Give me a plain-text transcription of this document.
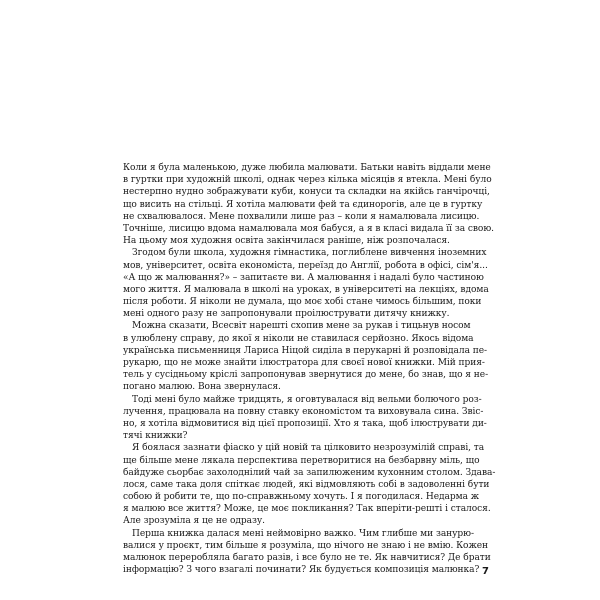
Коли я була маленькою, дуже любила малювати. Батьки навіть віддали мене
в гуртки при художній школі, однак через кілька місяців я втекла. Мені було
нестерпно нудно зображувати куби, конуси та складки на якійсь ганчірочці,
що висить на стільці. Я хотіла малювати фей та єдинорогів, але це в гуртку
не схвалювалося. Мене похвалили лише раз – коли я намалювала лисицю.
Точніше, лисицю вдома намалювала моя бабуся, а я в класі видала її за свою.
На цьому моя художня освіта закінчилася раніше, ніж розпочалася.
Згодом були школа, художня гімнастика, поглиблене вивчення іноземних
мов, університет, освіта економіста, переїзд до Англії, робота в офісі, сім'я...
«А що ж малювання?» – запитаєте ви. А малювання і надалі було частиною
мого життя. Я малювала в школі на уроках, в університеті на лекціях, вдома
після роботи. Я ніколи не думала, що моє хобі стане чимось більшим, поки
мені одного разу не запропонували проілюструвати дитячу книжку.
Можна сказати, Всесвіт нарешті схопив мене за рукав і тицьнув носом
в улюблену справу, до якої я ніколи не ставилася серйозно. Якось відома
українська письменниця Лариса Ніцой сиділа в перукарні й розповідала пе-
рукарю, що не може знайти ілюстратора для своєї нової книжки. Мій прия-
тель у сусідньому кріслі запропонував звернутися до мене, бо знав, що я не-
погано малюю. Вона звернулася.
Тоді мені було майже тридцять, я оговтувалася від вельми болючого роз-
лучення, працювала на повну ставку економістом та виховувала сина. Звіс-
но, я хотіла відмовитися від цієї пропозиції. Хто я така, щоб ілюструвати ди-
тячі книжки?
Я боялася зазнати фіаско у цій новій та цілковито незрозумілій справі, та
ще більше мене лякала перспектива перетворитися на безбарвну міль, що
байдуже сьорбає захолоднілий чай за запилюженим кухонним столом. Здава-
лося, саме така доля спіткає людей, які відмовляють собі в задоволенні бути
собою й робити те, що по-справжньому хочуть. І я погодилася. Недарма ж
я малюю все життя? Може, це моє покликання? Так вперіти-решті і сталося.
Але зрозуміла я це не одразу.
Перша книжка далася мені неймовірно важко. Чим глибше ми занурю-
валися у проєкт, тим більше я розуміла, що нічого не знаю і не вмію. Кожен
малюнок переробляла багато разів, і все було не те. Як навчитися? Де брати
інформацію? З чого взагалі починати? Як будується композиція малюнка? 7
